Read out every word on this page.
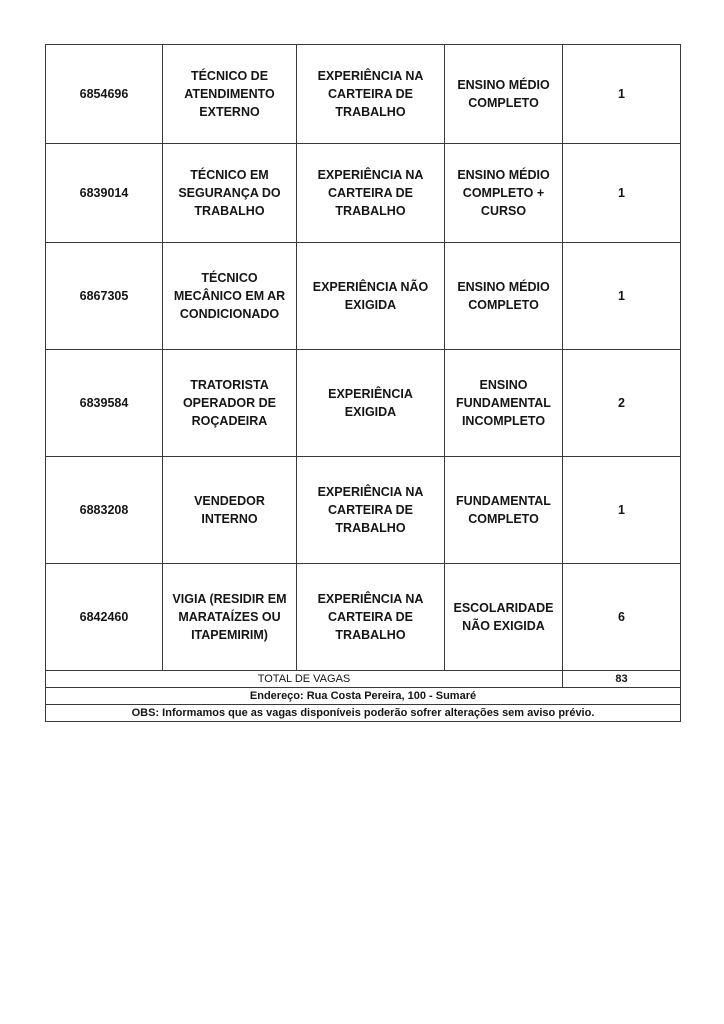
6854696	TÉCNICO DE ATENDIMENTO EXTERNO	EXPERIÊNCIA NA CARTEIRA DE TRABALHO	ENSINO MÉDIO COMPLETO	1
6839014	TÉCNICO EM SEGURANÇA DO TRABALHO	EXPERIÊNCIA NA CARTEIRA DE TRABALHO	ENSINO MÉDIO COMPLETO + CURSO	1
6867305	TÉCNICO MECÂNICO EM AR CONDICIONADO	EXPERIÊNCIA NÃO EXIGIDA	ENSINO MÉDIO COMPLETO	1
6839584	TRATORISTA OPERADOR DE ROÇADEIRA	EXPERIÊNCIA EXIGIDA	ENSINO FUNDAMENTAL INCOMPLETO	2
6883208	VENDEDOR INTERNO	EXPERIÊNCIA NA CARTEIRA DE TRABALHO	FUNDAMENTAL COMPLETO	1
6842460	VIGIA (RESIDIR EM MARATAÍZES OU ITAPEMIRIM)	EXPERIÊNCIA NA CARTEIRA DE TRABALHO	ESCOLARIDADE NÃO EXIGIDA	6
TOTAL DE VAGAS	83
Endereço: Rua Costa Pereira, 100 - Sumaré
OBS: Informamos que as vagas disponíveis poderão sofrer alterações sem aviso prévio.
